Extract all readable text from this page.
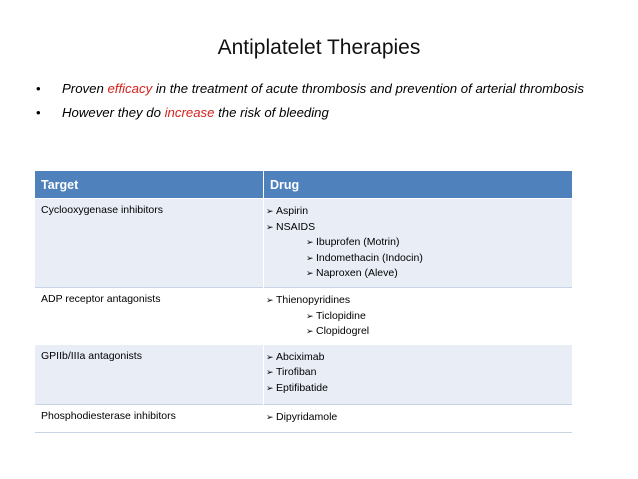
Antiplatelet Therapies
•	Proven efficacy in the treatment of acute thrombosis and prevention of arterial thrombosis
•	However they do increase the risk of bleeding
Target	Drug
Cyclooxygenase inhibitors	➢ Aspirin
➢ NSAIDS
➢ Ibuprofen (Motrin)
➢ Indomethacin (Indocin)
➢ Naproxen (Aleve)

ADP receptor antagonists	➢ Thienopyridines
➢ Ticlopidine
➢ Clopidogrel

GPIIb/IIIa antagonists	➢ Abciximab
➢ Tirofiban
➢ Eptifibatide

Phosphodiesterase inhibitors	➢ Dipyridamole
